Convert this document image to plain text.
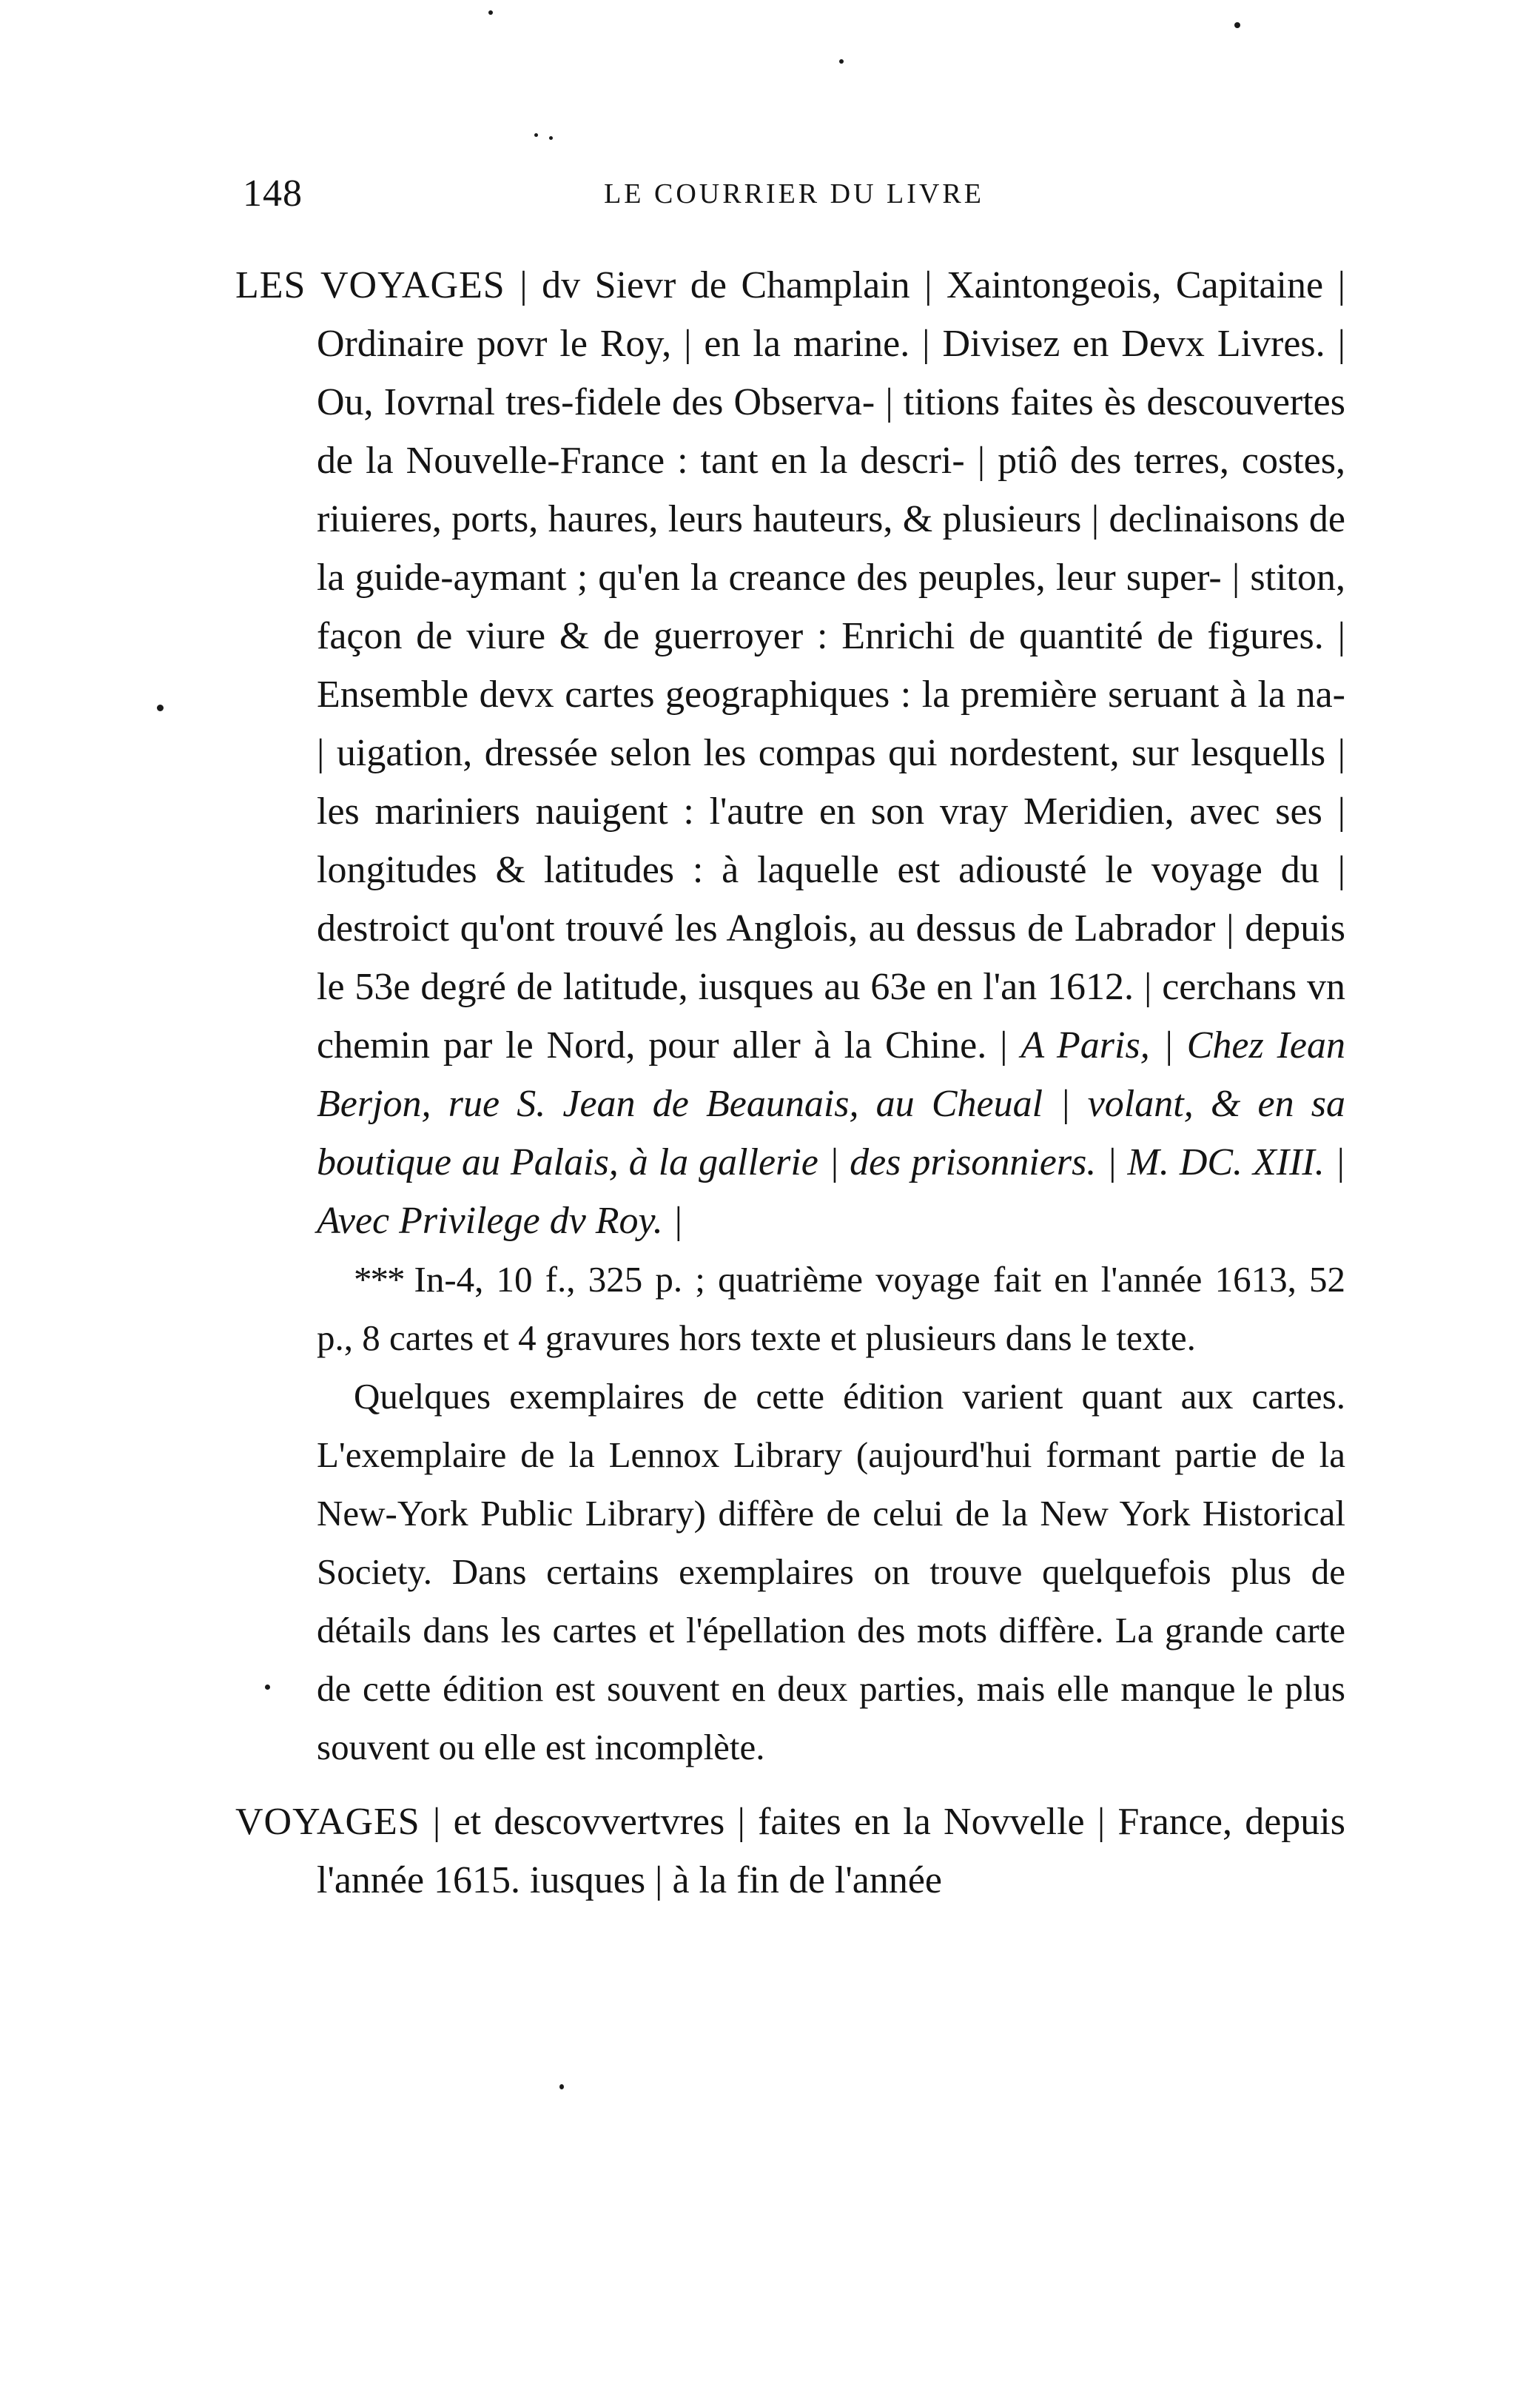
148	LE COURRIER DU LIVRE

LES VOYAGES | dv Sievr de Champlain | Xaintongeois, Capitaine | Ordinaire povr le Roy, | en la marine. | Divisez en Devx Livres. | Ou, Iovrnal tres-fidele des Observa- | titions faites ès descouvertes de la Nouvelle-France : tant en la descri- | ptiô des terres, costes, riuieres, ports, haures, leurs hauteurs, & plusieurs | declinaisons de la guide-aymant ; qu'en la creance des peuples, leur super- | stiton, façon de viure & de guerroyer : Enrichi de quantité de figures. | Ensemble devx cartes geographiques : la première seruant à la na- | uigation, dressée selon les compas qui nordestent, sur lesquells | les mariniers nauigent : l'autre en son vray Meridien, avec ses | longitudes & latitudes : à laquelle est adiousté le voyage du | destroict qu'ont trouvé les Anglois, au dessus de Labrador | depuis le 53e degré de latitude, iusques au 63e en l'an 1612. | cerchans vn chemin par le Nord, pour aller à la Chine. | A Paris, | Chez Iean Berjon, rue S. Jean de Beaunais, au Cheual | volant, & en sa boutique au Palais, à la gallerie | des prisonniers. | M. DC. XIII. | Avec Privilege dv Roy. |

*** In-4, 10 f., 325 p. ; quatrième voyage fait en l'année 1613, 52 p., 8 cartes et 4 gravures hors texte et plusieurs dans le texte.

Quelques exemplaires de cette édition varient quant aux cartes. L'exemplaire de la Lennox Library (aujourd'hui formant partie de la New-York Public Library) diffère de celui de la New York Historical Society. Dans certains exemplaires on trouve quelquefois plus de détails dans les cartes et l'épellation des mots diffère. La grande carte de cette édition est souvent en deux parties, mais elle manque le plus souvent ou elle est incomplète.

VOYAGES | et descovvertvres | faites en la Novvelle | France, depuis l'année 1615. iusques | à la fin de l'année
